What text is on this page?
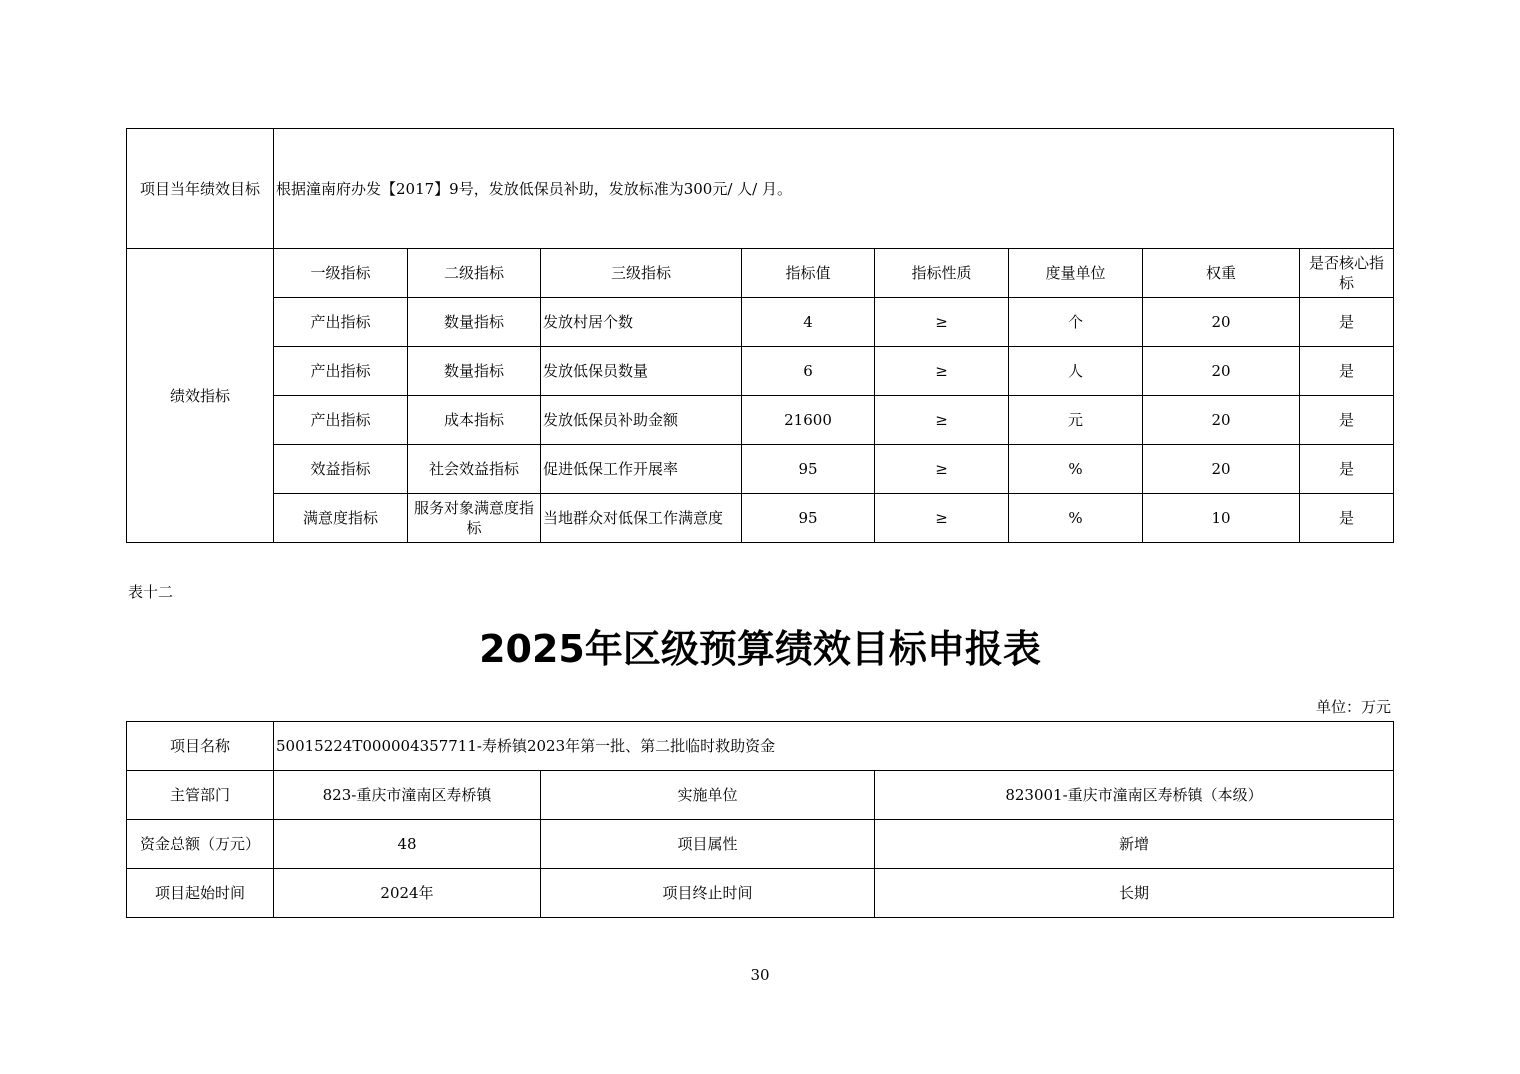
项目当年绩效目标	根据潼南府办发【2017】9号，发放低保员补助，发放标准为300元/ 人/ 月。							
绩效指标	一级指标	二级指标	三级指标	指标值	指标性质	度量单位	权重	是否核心指标
	产出指标	数量指标	发放村居个数	4	≥	个	20	是
	产出指标	数量指标	发放低保员数量	6	≥	人	20	是
	产出指标	成本指标	发放低保员补助金额	21600	≥	元	20	是
	效益指标	社会效益指标	促进低保工作开展率	95	≥	%	20	是
	满意度指标	服务对象满意度指标	当地群众对低保工作满意度	95	≥	%	10	是
表十二
2025年区级预算绩效目标申报表
单位：万元
项目名称	50015224T000004357711-寿桥镇2023年第一批、第二批临时救助资金		
主管部门	823-重庆市潼南区寿桥镇	实施单位	823001-重庆市潼南区寿桥镇（本级）
资金总额（万元）	48	项目属性	新增
项目起始时间	2024年	项目终止时间	长期
30
